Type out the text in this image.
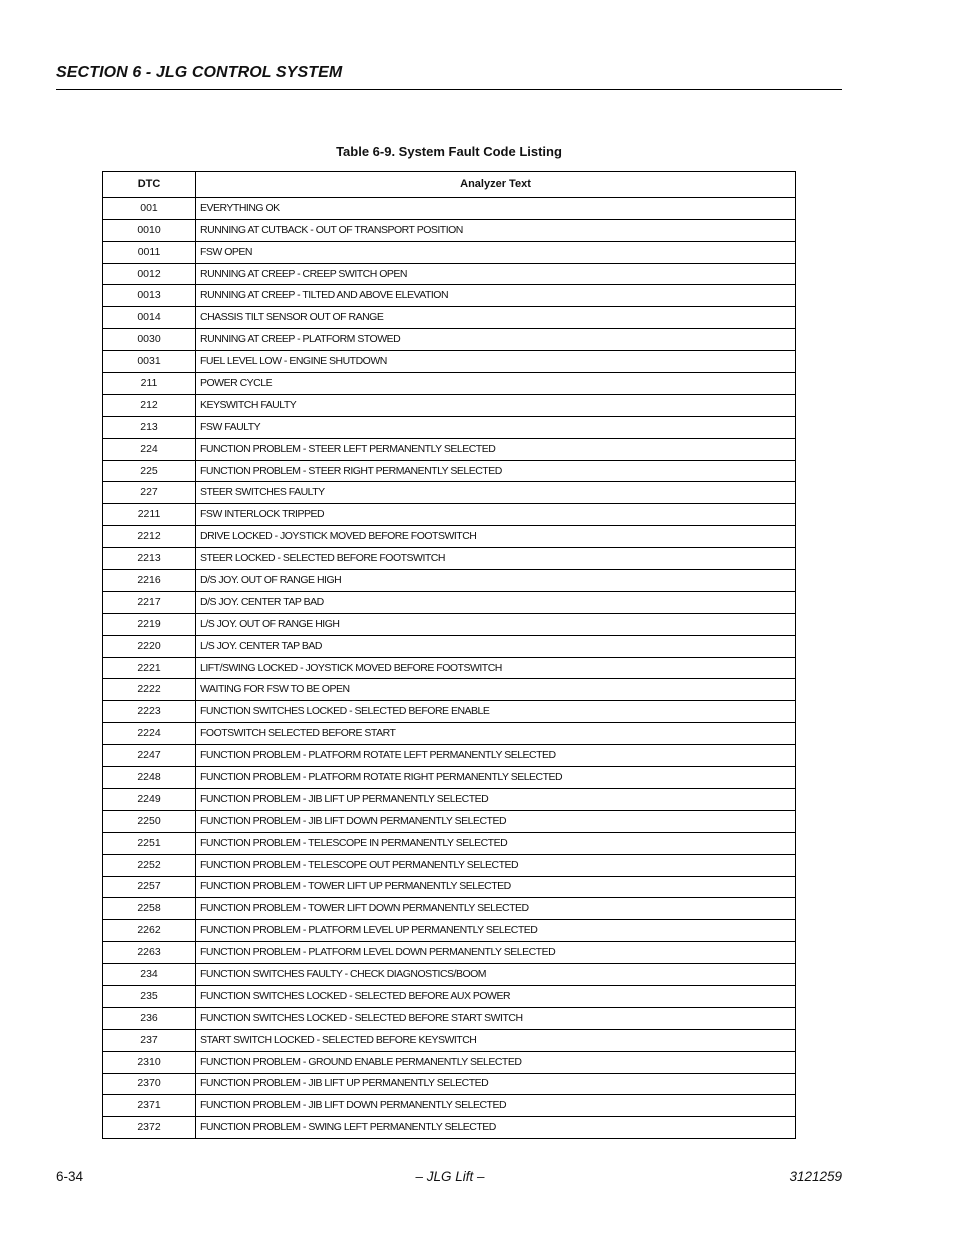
SECTION 6 - JLG CONTROL SYSTEM
Table 6-9. System Fault Code Listing
DTC	Analyzer Text
001	EVERYTHING OK
0010	RUNNING AT CUTBACK - OUT OF TRANSPORT POSITION
0011	FSW OPEN
0012	RUNNING AT CREEP - CREEP SWITCH OPEN
0013	RUNNING AT CREEP - TILTED AND ABOVE ELEVATION
0014	CHASSIS TILT SENSOR OUT OF RANGE
0030	RUNNING AT CREEP - PLATFORM STOWED
0031	FUEL LEVEL LOW - ENGINE SHUTDOWN
211	POWER CYCLE
212	KEYSWITCH FAULTY
213	FSW FAULTY
224	FUNCTION PROBLEM - STEER LEFT PERMANENTLY SELECTED
225	FUNCTION PROBLEM - STEER RIGHT PERMANENTLY SELECTED
227	STEER SWITCHES FAULTY
2211	FSW INTERLOCK TRIPPED
2212	DRIVE LOCKED - JOYSTICK MOVED BEFORE FOOTSWITCH
2213	STEER LOCKED - SELECTED BEFORE FOOTSWITCH
2216	D/S JOY. OUT OF RANGE HIGH
2217	D/S JOY. CENTER TAP BAD
2219	L/S JOY. OUT OF RANGE HIGH
2220	L/S JOY. CENTER TAP BAD
2221	LIFT/SWING LOCKED - JOYSTICK MOVED BEFORE FOOTSWITCH
2222	WAITING FOR FSW TO BE OPEN
2223	FUNCTION SWITCHES LOCKED - SELECTED BEFORE ENABLE
2224	FOOTSWITCH SELECTED BEFORE START
2247	FUNCTION PROBLEM - PLATFORM ROTATE LEFT PERMANENTLY SELECTED
2248	FUNCTION PROBLEM - PLATFORM ROTATE RIGHT PERMANENTLY SELECTED
2249	FUNCTION PROBLEM - JIB LIFT UP PERMANENTLY SELECTED
2250	FUNCTION PROBLEM - JIB LIFT DOWN PERMANENTLY SELECTED
2251	FUNCTION PROBLEM - TELESCOPE IN PERMANENTLY SELECTED
2252	FUNCTION PROBLEM - TELESCOPE OUT PERMANENTLY SELECTED
2257	FUNCTION PROBLEM - TOWER LIFT UP PERMANENTLY SELECTED
2258	FUNCTION PROBLEM - TOWER LIFT DOWN PERMANENTLY SELECTED
2262	FUNCTION PROBLEM - PLATFORM LEVEL UP PERMANENTLY SELECTED
2263	FUNCTION PROBLEM - PLATFORM LEVEL DOWN PERMANENTLY SELECTED
234	FUNCTION SWITCHES FAULTY - CHECK DIAGNOSTICS/BOOM
235	FUNCTION SWITCHES LOCKED - SELECTED BEFORE AUX POWER
236	FUNCTION SWITCHES LOCKED - SELECTED BEFORE START SWITCH
237	START SWITCH LOCKED - SELECTED BEFORE KEYSWITCH
2310	FUNCTION PROBLEM - GROUND ENABLE PERMANENTLY SELECTED
2370	FUNCTION PROBLEM - JIB LIFT UP PERMANENTLY SELECTED
2371	FUNCTION PROBLEM - JIB LIFT DOWN PERMANENTLY SELECTED
2372	FUNCTION PROBLEM - SWING LEFT PERMANENTLY SELECTED
6-34	– JLG Lift –	3121259
